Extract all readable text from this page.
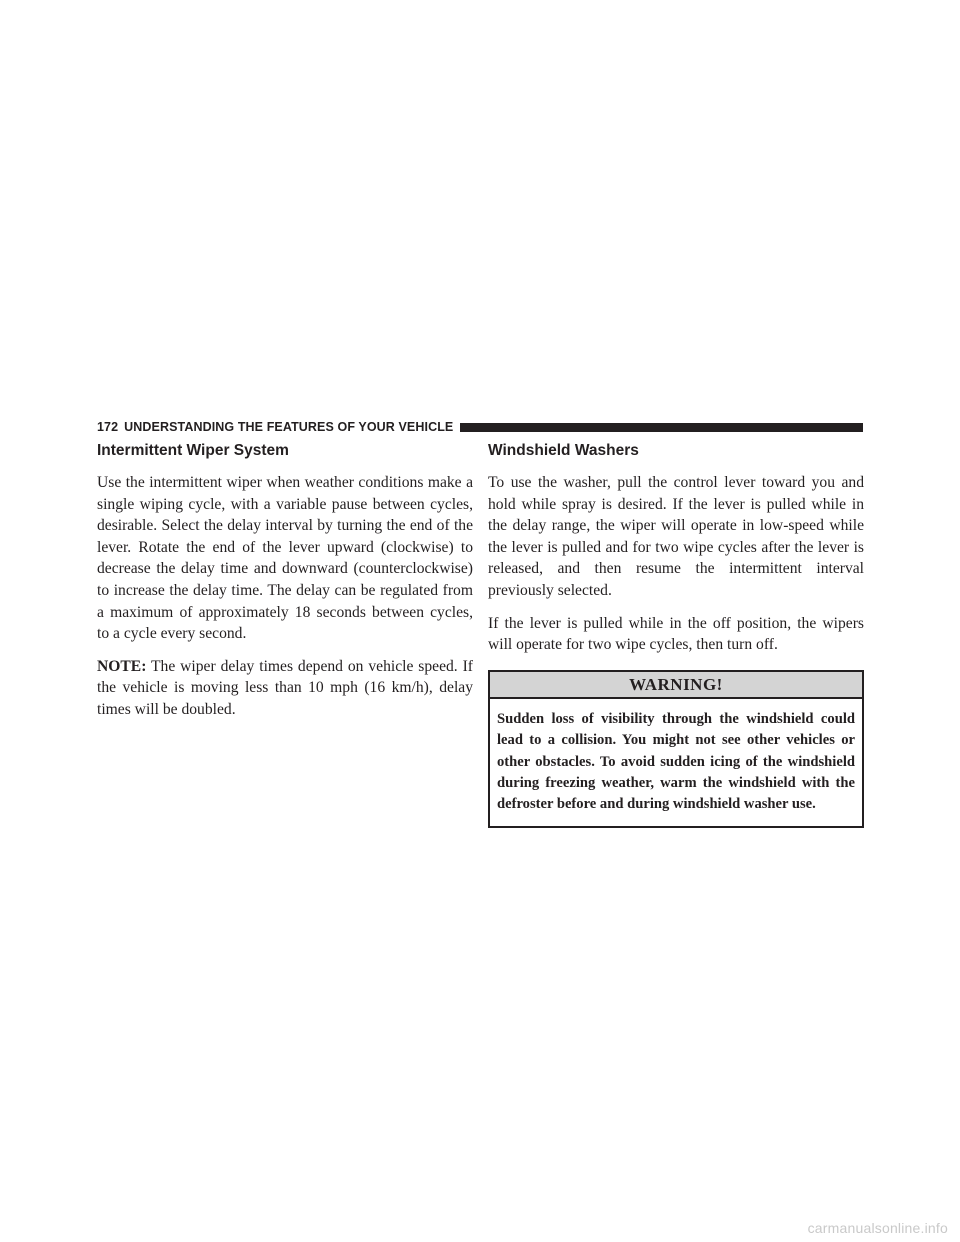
172 UNDERSTANDING THE FEATURES OF YOUR VEHICLE
Intermittent Wiper System

Use the intermittent wiper when weather conditions make a single wiping cycle, with a variable pause between cycles, desirable. Select the delay interval by turning the end of the lever. Rotate the end of the lever upward (clockwise) to decrease the delay time and downward (counterclockwise) to increase the delay time. The delay can be regulated from a maximum of approximately 18 seconds between cycles, to a cycle every second.

NOTE: The wiper delay times depend on vehicle speed. If the vehicle is moving less than 10 mph (16 km/h), delay times will be doubled.

Windshield Washers

To use the washer, pull the control lever toward you and hold while spray is desired. If the lever is pulled while in the delay range, the wiper will operate in low-speed while the lever is pulled and for two wipe cycles after the lever is released, and then resume the intermittent interval previously selected.

If the lever is pulled while in the off position, the wipers will operate for two wipe cycles, then turn off.

WARNING!

Sudden loss of visibility through the windshield could lead to a collision. You might not see other vehicles or other obstacles. To avoid sudden icing of the windshield during freezing weather, warm the windshield with the defroster before and during windshield washer use.

carmanualsonline.info
